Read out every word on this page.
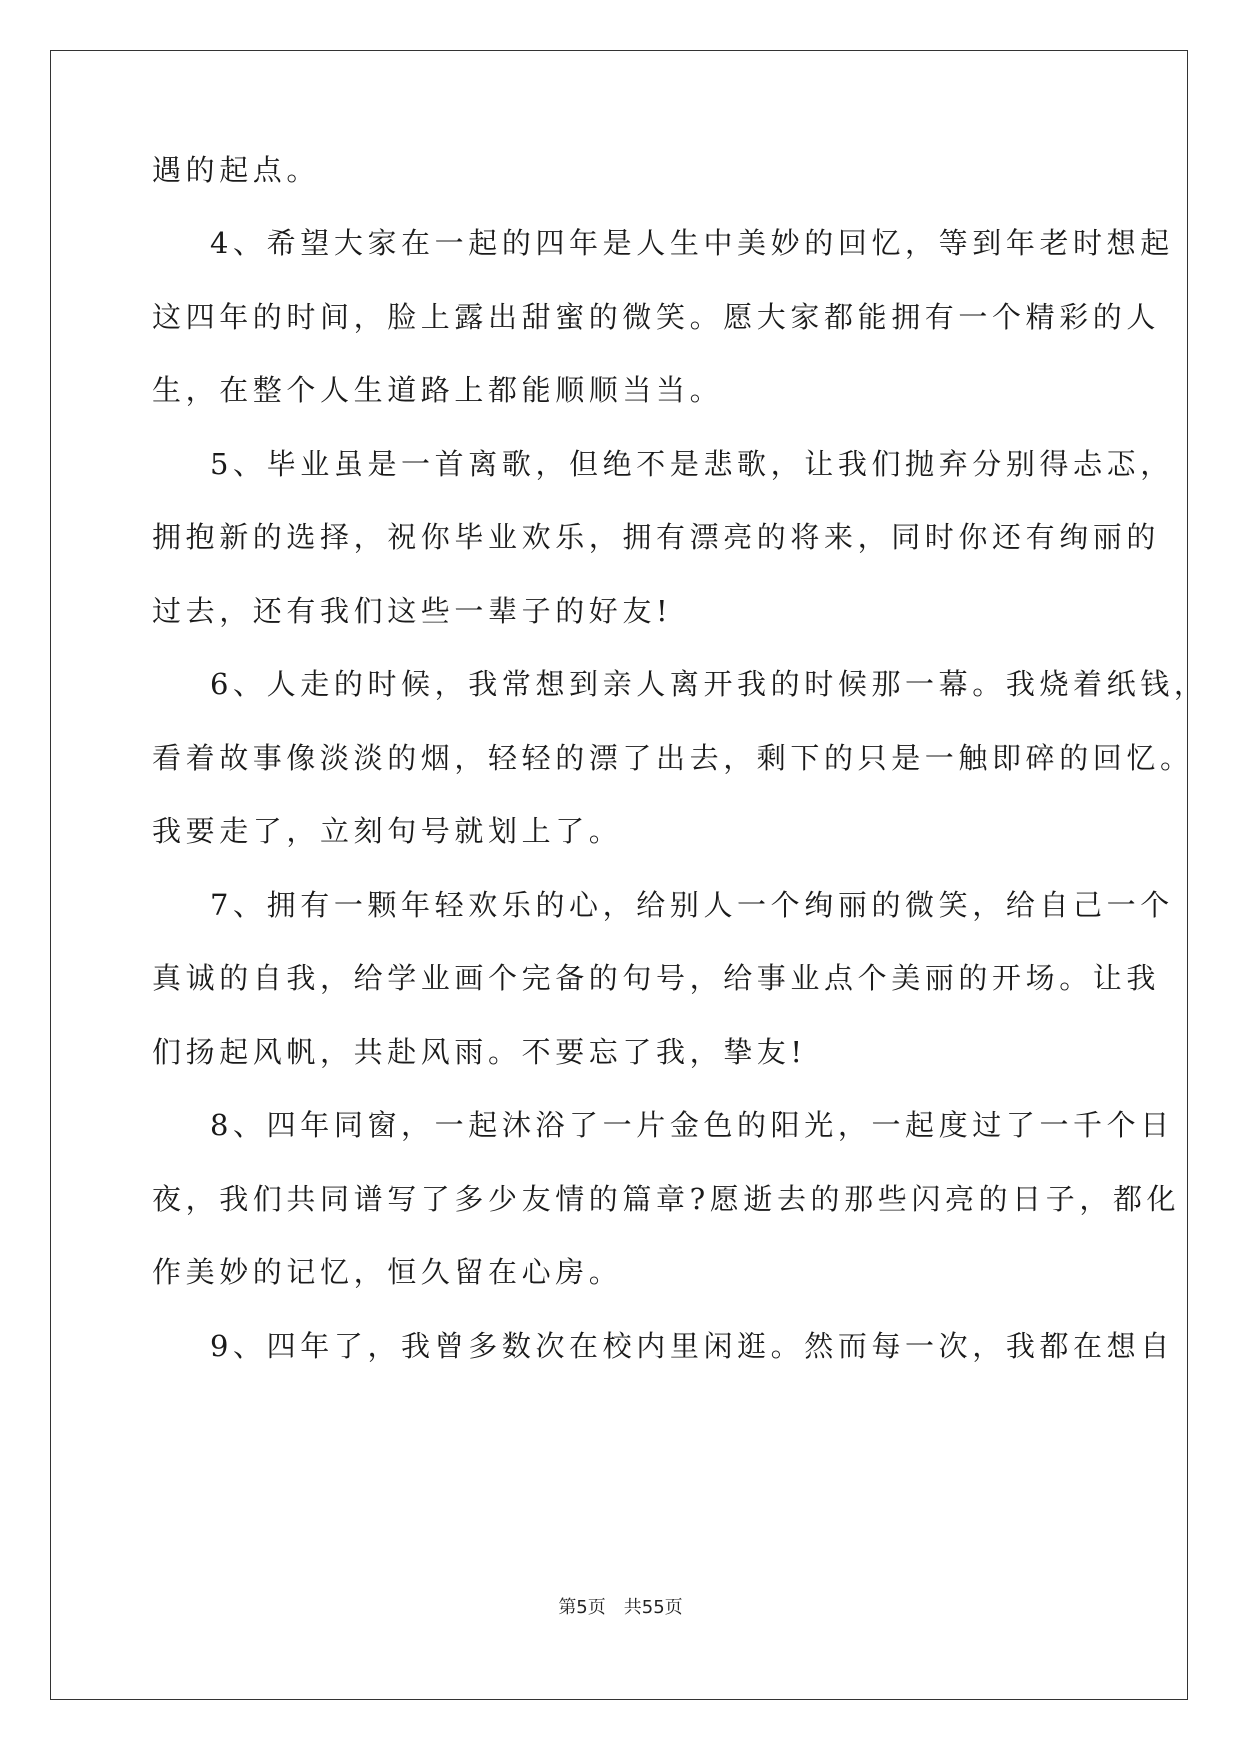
遇的起点。
4、希望大家在一起的四年是人生中美妙的回忆，等到年老时想起
这四年的时间，脸上露出甜蜜的微笑。愿大家都能拥有一个精彩的人
生，在整个人生道路上都能顺顺当当。
5、毕业虽是一首离歌，但绝不是悲歌，让我们抛弃分别得忐忑，
拥抱新的选择，祝你毕业欢乐，拥有漂亮的将来，同时你还有绚丽的
过去，还有我们这些一辈子的好友!
6、人走的时候，我常想到亲人离开我的时候那一幕。我烧着纸钱，
看着故事像淡淡的烟，轻轻的漂了出去，剩下的只是一触即碎的回忆。
我要走了，立刻句号就划上了。
7、拥有一颗年轻欢乐的心，给别人一个绚丽的微笑，给自己一个
真诚的自我，给学业画个完备的句号，给事业点个美丽的开场。让我
们扬起风帆，共赴风雨。不要忘了我，挚友!
8、四年同窗，一起沐浴了一片金色的阳光，一起度过了一千个日
夜，我们共同谱写了多少友情的篇章?愿逝去的那些闪亮的日子，都化
作美妙的记忆，恒久留在心房。
9、四年了，我曾多数次在校内里闲逛。然而每一次，我都在想自
第5页 共55页
